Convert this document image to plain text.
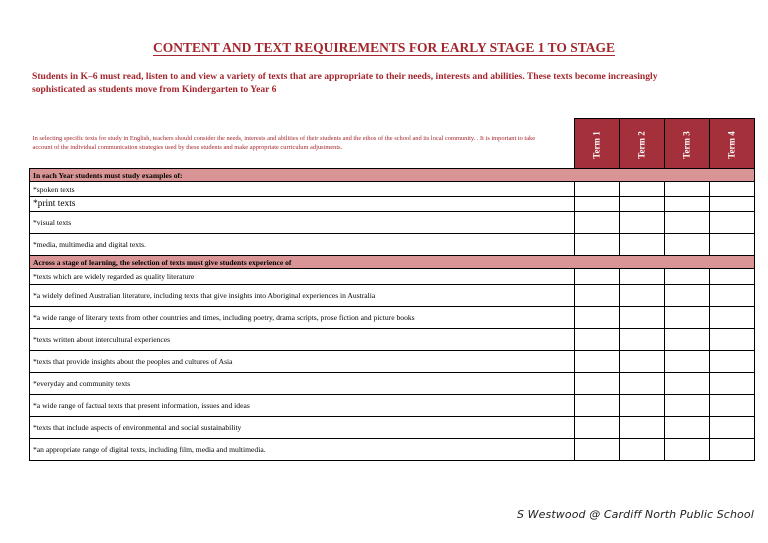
CONTENT AND TEXT REQUIREMENTS FOR EARLY STAGE 1 TO STAGE
Students in K–6 must read, listen to and view a variety of texts that are appropriate to their needs, interests and abilities. These texts become increasingly sophisticated as students move from Kindergarten to Year 6
In selecting specific texts for study in English, teachers should consider the needs, interests and abilities of their students and the ethos of the school and its local community. . It is important to take account of the individual communication strategies used by these students and make appropriate curriculum adjustments.	Term 1	Term 2	Term 3	Term 4
In each Year students must study examples of:				
*spoken texts				
*print texts				
*visual texts				
*media, multimedia and digital texts.				
Across a stage of learning, the selection of texts must give students experience of				
*texts which are widely regarded as quality literature				
*a widely defined Australian literature, including texts that give insights into Aboriginal experiences in Australia				
*a wide range of literary texts from other countries and times, including poetry, drama scripts, prose fiction and picture books				
*texts written about intercultural experiences				
*texts that provide insights about the peoples and cultures of Asia				
*everyday and community texts				
*a wide range of factual texts that present information, issues and ideas				
*texts that include aspects of environmental and social sustainability				
*an appropriate range of digital texts, including film, media and multimedia.				
S Westwood @ Cardiff North Public School
